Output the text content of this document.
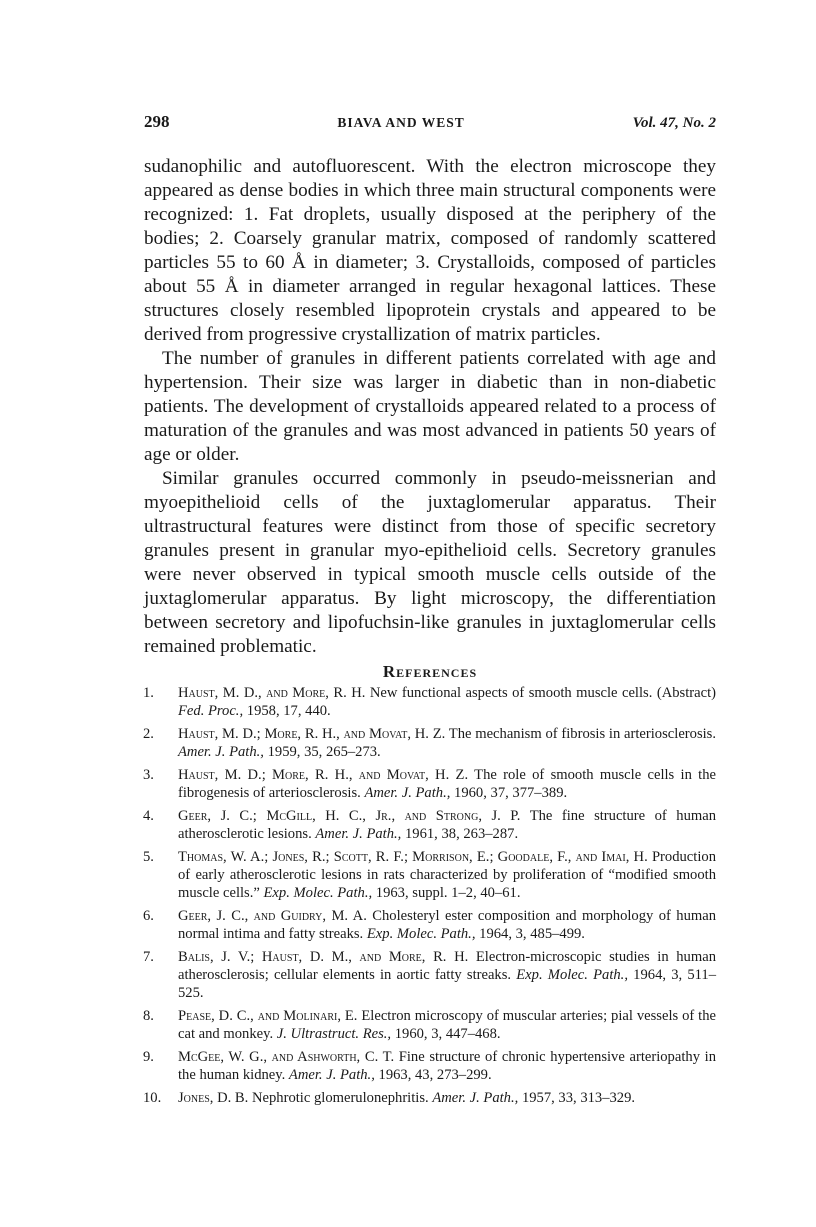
298	BIAVA AND WEST	Vol. 47, No. 2

sudanophilic and autofluorescent. With the electron microscope they appeared as dense bodies in which three main structural components were recognized: 1. Fat droplets, usually disposed at the periphery of the bodies; 2. Coarsely granular matrix, composed of randomly scattered particles 55 to 60 Å in diameter; 3. Crystalloids, composed of particles about 55 Å in diameter arranged in regular hexagonal lattices. These structures closely resembled lipoprotein crystals and appeared to be derived from progressive crystallization of matrix particles.

The number of granules in different patients correlated with age and hypertension. Their size was larger in diabetic than in non-diabetic patients. The development of crystalloids appeared related to a process of maturation of the granules and was most advanced in patients 50 years of age or older.

Similar granules occurred commonly in pseudo-meissnerian and myoepithelioid cells of the juxtaglomerular apparatus. Their ultrastructural features were distinct from those of specific secretory granules present in granular myo-epithelioid cells. Secretory granules were never observed in typical smooth muscle cells outside of the juxtaglomerular apparatus. By light microscopy, the differentiation between secretory and lipofuchsin-like granules in juxtaglomerular cells remained problematic.

References
1.	Haust, M. D., and More, R. H. New functional aspects of smooth muscle cells. (Abstract) Fed. Proc., 1958, 17, 440.
2.	Haust, M. D.; More, R. H., and Movat, H. Z. The mechanism of fibrosis in arteriosclerosis. Amer. J. Path., 1959, 35, 265–273.
3.	Haust, M. D.; More, R. H., and Movat, H. Z. The role of smooth muscle cells in the fibrogenesis of arteriosclerosis. Amer. J. Path., 1960, 37, 377–389.
4.	Geer, J. C.; McGill, H. C., Jr., and Strong, J. P. The fine structure of human atherosclerotic lesions. Amer. J. Path., 1961, 38, 263–287.
5.	Thomas, W. A.; Jones, R.; Scott, R. F.; Morrison, E.; Goodale, F., and Imai, H. Production of early atherosclerotic lesions in rats characterized by proliferation of “modified smooth muscle cells.” Exp. Molec. Path., 1963, suppl. 1–2, 40–61.
6.	Geer, J. C., and Guidry, M. A. Cholesteryl ester composition and morphology of human normal intima and fatty streaks. Exp. Molec. Path., 1964, 3, 485–499.
7.	Balis, J. V.; Haust, D. M., and More, R. H. Electron-microscopic studies in human atherosclerosis; cellular elements in aortic fatty streaks. Exp. Molec. Path., 1964, 3, 511–525.
8.	Pease, D. C., and Molinari, E. Electron microscopy of muscular arteries; pial vessels of the cat and monkey. J. Ultrastruct. Res., 1960, 3, 447–468.
9.	McGee, W. G., and Ashworth, C. T. Fine structure of chronic hypertensive arteriopathy in the human kidney. Amer. J. Path., 1963, 43, 273–299.
10.	Jones, D. B. Nephrotic glomerulonephritis. Amer. J. Path., 1957, 33, 313–329.
